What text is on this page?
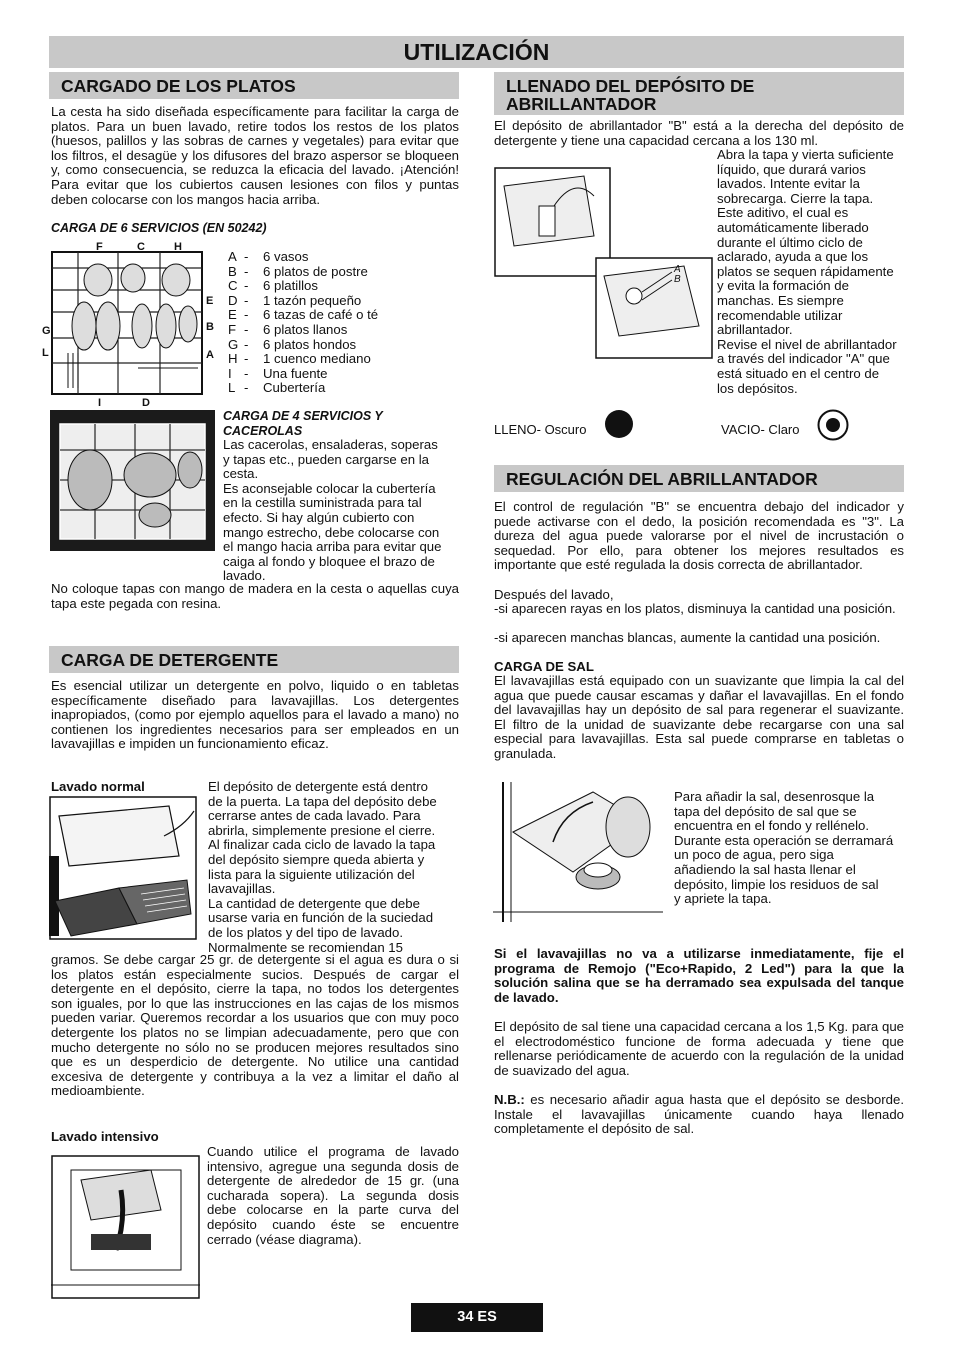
UTILIZACIÓN
CARGADO DE LOS PLATOS
La cesta ha sido diseñada específicamente para facilitar la carga de platos. Para un buen lavado, retire todos los restos de los platos (huesos, palillos y las sobras de carnes y vegetales) para evitar que los filtros, el desagüe y los difusores del brazo aspersor se bloqueen y, como consecuencia, se reduzca la eficacia del lavado. ¡Atención! Para evitar que los cubiertos causen lesiones con filos y puntas deben colocarse con los mangos hacia arriba.
CARGA DE 6 SERVICIOS (EN 50242)
F	C	H
E
B
A
G
L
I	D
A -	6 vasos
B -	6 platos de postre
C -	6 platillos
D -	1 tazón pequeño
E -	6 tazas de café o té
F -	6 platos llanos
G -	6 platos hondos
H -	1 cuenco mediano
I -	Una fuente
L -	Cubertería
CARGA DE 4 SERVICIOS Y
CACEROLAS
Las cacerolas, ensaladeras, soperas
y tapas etc., pueden cargarse en la
cesta.
Es aconsejable colocar la cubertería
en la cestilla suministrada para tal
efecto. Si hay algún cubierto con
mango estrecho, debe colocarse con
el mango hacia arriba para evitar que
caiga al fondo y bloquee el brazo de
lavado.
No coloque tapas con mango de madera en la cesta o aquellas cuya tapa este pegada con resina.
CARGA DE DETERGENTE
Es esencial utilizar un detergente en polvo, liquido o en tabletas específicamente diseñado para lavavajillas. Los detergentes inapropiados, (como por ejemplo aquellos para el lavado a mano) no contienen los ingredientes necesarios para ser empleados en un lavavajillas e impiden un funcionamiento eficaz.
Lavado normal	El depósito de detergente está dentro
de la puerta. La tapa del depósito debe
cerrarse antes de cada lavado. Para
abrirla, simplemente presione el cierre.
Al finalizar cada ciclo de lavado la tapa
del depósito siempre queda abierta y
lista para la siguiente utilización del
lavavajillas.
La cantidad de detergente que debe
usarse varia en función de la suciedad
de los platos y del tipo de lavado.
Normalmente se recomiendan 15
gramos. Se debe cargar 25 gr. de detergente si el agua es dura o si los platos están especialmente sucios. Después de cargar el detergente en el depósito, cierre la tapa, no todos los detergentes son iguales, por lo que las instrucciones en las cajas de los mismos pueden variar. Queremos recordar a los usuarios que con muy poco detergente los platos no se limpian adecuadamente, pero que con mucho detergente no sólo no se producen mejores resultados sino que es un desperdicio de detergente. No utilice una cantidad excesiva de detergente y contribuya a la vez a limitar el daño al medioambiente.
Lavado intensivo
Cuando utilice el programa de lavado intensivo, agregue una segunda dosis de detergente de alrededor de 15 gr. (una cucharada sopera). La segunda dosis debe colocarse en la parte curva del depósito cuando éste se encuentre cerrado (véase diagrama).
LLENADO DEL DEPÓSITO DE
ABRILLANTADOR
El depósito de abrillantador "B" está a la derecha del depósito de detergente y tiene una capacidad cercana a los 130 ml.
A
B
Abra la tapa y vierta suficiente
líquido, que durará varios
lavados. Intente evitar la
sobrecarga. Cierre la tapa.
Este aditivo, el cual es
automáticamente liberado
durante el último ciclo de
aclarado, ayuda a que los
platos se sequen rápidamente
y evita la formación de
manchas. Es siempre
recomendable utilizar
abrillantador.
Revise el nivel de abrillantador
a través del indicador "A" que
está situado en el centro de
los depósitos.
LLENO- Oscuro	VACIO- Claro
REGULACIÓN DEL ABRILLANTADOR
El control de regulación "B" se encuentra debajo del indicador y puede activarse con el dedo, la posición recomendada es "3". La dureza del agua puede valorarse por el nivel de incrustación o sequedad. Por ello, para obtener los mejores resultados es importante que esté regulada la dosis correcta de abrillantador.
Después del lavado,
-si aparecen rayas en los platos, disminuya la cantidad una posición.
-si aparecen manchas blancas, aumente la cantidad una posición.
CARGA DE SAL
El lavavajillas está equipado con un suavizante que limpia la cal del agua que puede causar escamas y dañar el lavavajillas. En el fondo del lavavajillas hay un depósito de sal para regenerar el suavizante. El filtro de la unidad de suavizante debe recargarse con una sal especial para lavavajillas. Esta sal puede comprarse en tabletas o granulada.
Para añadir la sal, desenrosque la
tapa del depósito de sal que se
encuentra en el fondo y rellénelo.
Durante esta operación se derramará
un poco de agua, pero siga
añadiendo la sal hasta llenar el
depósito, limpie los residuos de sal
y apriete la tapa.
Si el lavavajillas no va a utilizarse inmediatamente, fije el programa de Remojo ("Eco+Rapido, 2 Led") para la que la solución salina que se ha derramado sea expulsada del tanque de lavado.
El depósito de sal tiene una capacidad cercana a los 1,5 Kg. para que el electrodoméstico funcione de forma adecuada y tiene que rellenarse periódicamente de acuerdo con la regulación de la unidad de suavizado del agua.
N.B.: es necesario añadir agua hasta que el depósito se desborde. Instale el lavavajillas únicamente cuando haya llenado completamente el depósito de sal.
34 ES
